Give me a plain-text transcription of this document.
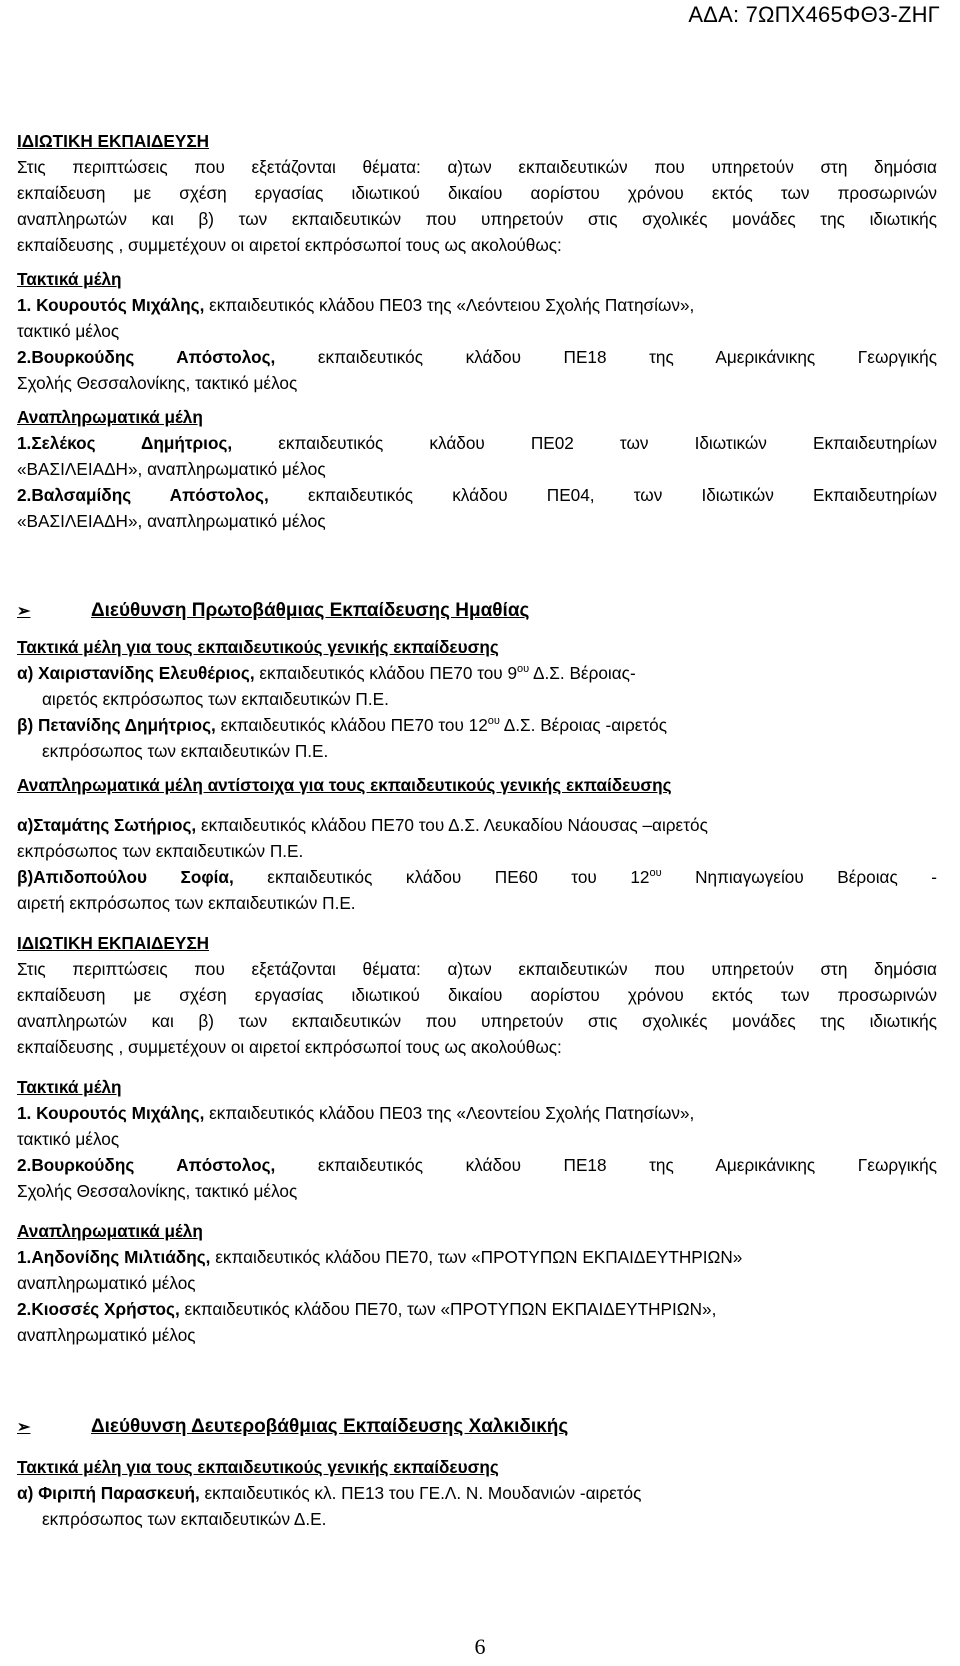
ΑΔΑ: 7ΩΠΧ465ΦΘ3-ΖΗΓ

ΙΔΙΩΤΙΚΗ ΕΚΠΑΙΔΕΥΣΗ

Στις περιπτώσεις που εξετάζονται θέματα: α)των εκπαιδευτικών που υπηρετούν στη δημόσια

εκπαίδευση με σχέση εργασίας ιδιωτικού δικαίου αορίστου χρόνου εκτός των προσωρινών

αναπληρωτών και β) των εκπαιδευτικών που υπηρετούν στις σχολικές μονάδες της ιδιωτικής

εκπαίδευσης , συμμετέχουν οι αιρετοί εκπρόσωποί τους ως ακολούθως:

Τακτικά μέλη

1. Κουρουτός Μιχάλης, εκπαιδευτικός κλάδου ΠΕ03 της «Λεόντειου Σχολής Πατησίων»,

τακτικό μέλος

2.Βουρκούδης Απόστολος, εκπαιδευτικός κλάδου ΠΕ18 της Αμερικάνικης Γεωργικής

Σχολής Θεσσαλονίκης, τακτικό μέλος

Αναπληρωματικά μέλη

1.Σελέκος Δημήτριος, εκπαιδευτικός κλάδου ΠΕ02 των Ιδιωτικών Εκπαιδευτηρίων

«ΒΑΣΙΛΕΙΑΔΗ», αναπληρωματικό μέλος

2.Βαλσαμίδης Απόστολος, εκπαιδευτικός κλάδου ΠΕ04, των Ιδιωτικών Εκπαιδευτηρίων

«ΒΑΣΙΛΕΙΑΔΗ», αναπληρωματικό μέλος

➢	Διεύθυνση Πρωτοβάθμιας Εκπαίδευσης Ημαθίας

Τακτικά μέλη για τους εκπαιδευτικούς γενικής εκπαίδευσης

α) Χαιριστανίδης Ελευθέριος, εκπαιδευτικός κλάδου ΠΕ70 του $9^{o\upsilon}$ Δ.Σ. Βέροιας-

αιρετός εκπρόσωπος των εκπαιδευτικών Π.Ε.

β) Πετανίδης Δημήτριος, εκπαιδευτικός κλάδου ΠΕ70 του $12^{o\upsilon}$ Δ.Σ. Βέροιας -αιρετός

εκπρόσωπος των εκπαιδευτικών Π.Ε.

Αναπληρωματικά μέλη αντίστοιχα για τους εκπαιδευτικούς γενικής εκπαίδευσης

α)Σταμάτης Σωτήριος, εκπαιδευτικός κλάδου ΠΕ70 του Δ.Σ. Λευκαδίου Νάουσας –αιρετός

εκπρόσωπος των εκπαιδευτικών Π.Ε.

β)Απιδοπούλου Σοφία, εκπαιδευτικός κλάδου ΠΕ60 του $12^{o\upsilon}$ Νηπιαγωγείου Βέροιας -

αιρετή εκπρόσωπος των εκπαιδευτικών Π.Ε.

ΙΔΙΩΤΙΚΗ ΕΚΠΑΙΔΕΥΣΗ

Στις περιπτώσεις που εξετάζονται θέματα: α)των εκπαιδευτικών που υπηρετούν στη δημόσια

εκπαίδευση με σχέση εργασίας ιδιωτικού δικαίου αορίστου χρόνου εκτός των προσωρινών

αναπληρωτών και β) των εκπαιδευτικών που υπηρετούν στις σχολικές μονάδες της ιδιωτικής

εκπαίδευσης , συμμετέχουν οι αιρετοί εκπρόσωποί τους ως ακολούθως:

Τακτικά μέλη

1. Κουρουτός Μιχάλης, εκπαιδευτικός κλάδου ΠΕ03 της «Λεοντείου Σχολής Πατησίων»,

τακτικό μέλος

2.Βουρκούδης Απόστολος, εκπαιδευτικός κλάδου ΠΕ18 της Αμερικάνικης Γεωργικής

Σχολής Θεσσαλονίκης, τακτικό μέλος

Αναπληρωματικά μέλη

1.Αηδονίδης Μιλτιάδης, εκπαιδευτικός κλάδου ΠΕ70, των «ΠΡΟΤΥΠΩΝ ΕΚΠΑΙΔΕΥΤΗΡΙΩΝ»

αναπληρωματικό μέλος

2.Κιοσσές Χρήστος, εκπαιδευτικός κλάδου ΠΕ70, των «ΠΡΟΤΥΠΩΝ ΕΚΠΑΙΔΕΥΤΗΡΙΩΝ»,

αναπληρωματικό μέλος

➢	Διεύθυνση Δευτεροβάθμιας Εκπαίδευσης Χαλκιδικής

Τακτικά μέλη για τους εκπαιδευτικούς γενικής εκπαίδευσης

α) Φιριπή Παρασκευή, εκπαιδευτικός κλ. ΠΕ13 του ΓΕ.Λ. Ν. Μουδανιών -αιρετός

εκπρόσωπος των εκπαιδευτικών Δ.Ε.

6
